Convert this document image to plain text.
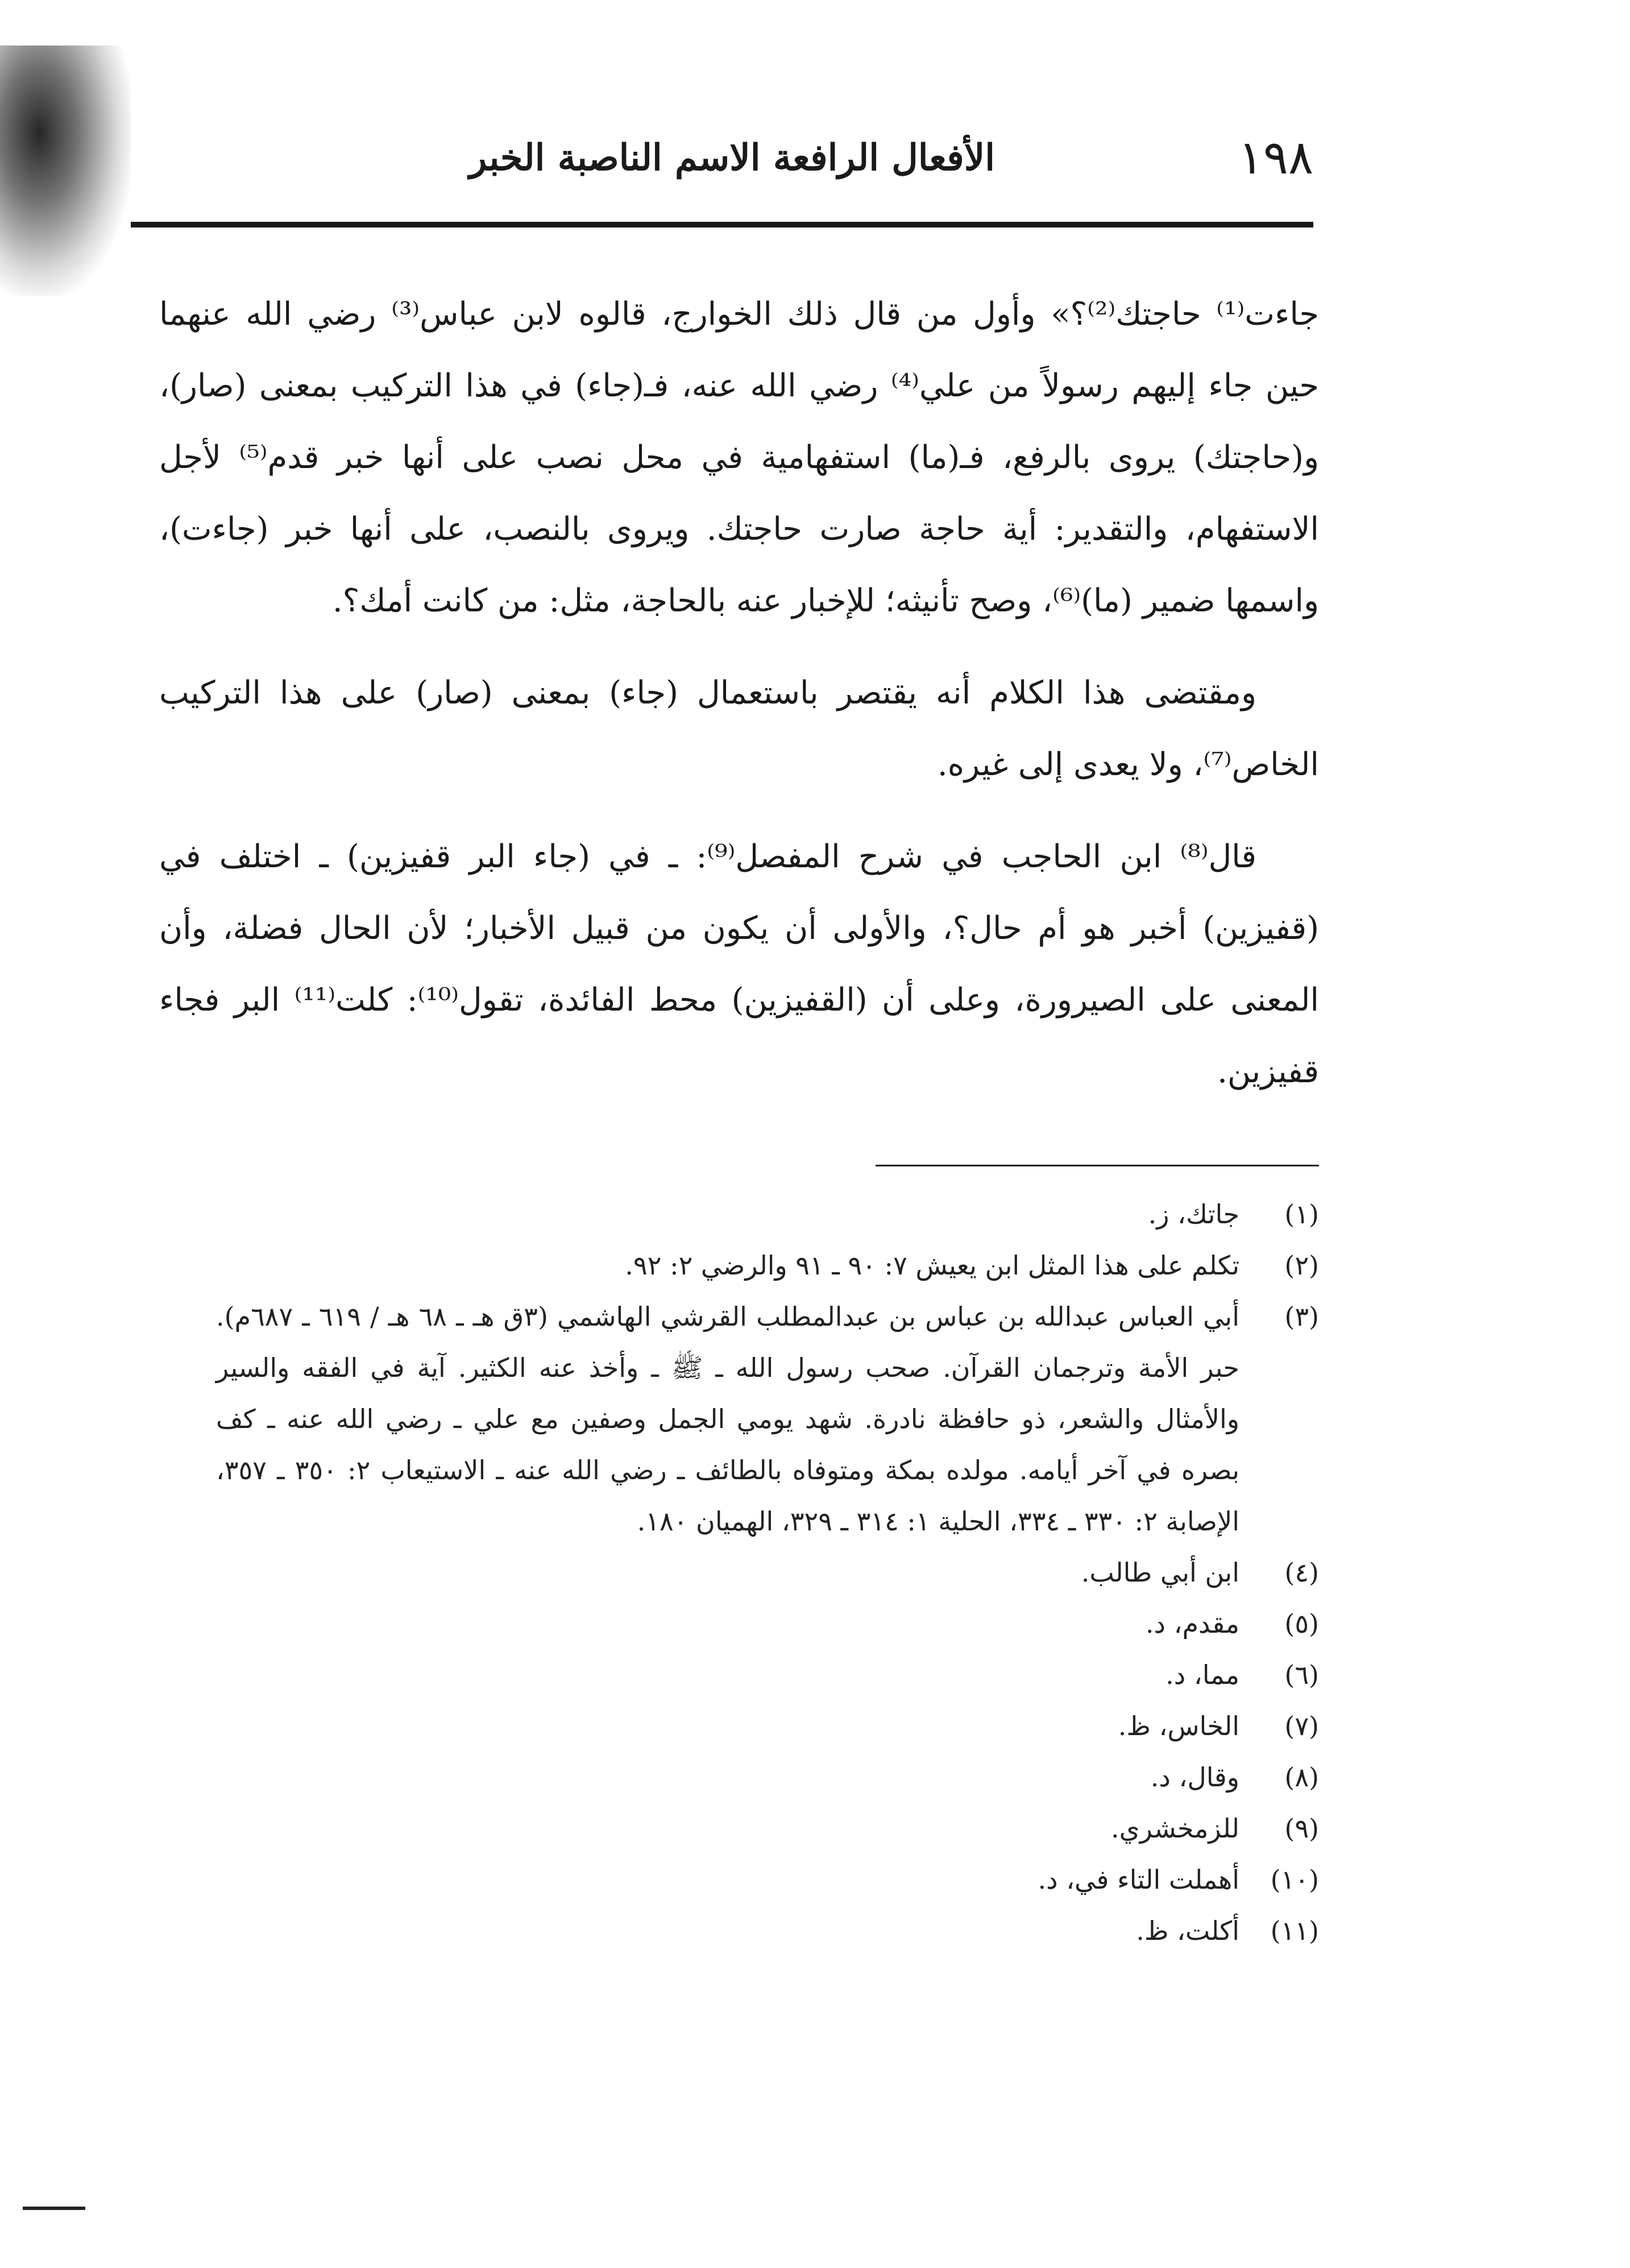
١٩٨
الأفعال الرافعة الاسم الناصبة الخبر

جاءت⁽¹⁾ حاجتك⁽²⁾؟» وأول من قال ذلك الخوارج، قالوه لابن عباس⁽³⁾ رضي الله عنهما حين جاء إليهم رسولاً من علي⁽⁴⁾ رضي الله عنه، فـ(جاء) في هذا التركيب بمعنى (صار)، و(حاجتك) يروى بالرفع، فـ(ما) استفهامية في محل نصب على أنها خبر قدم⁽⁵⁾ لأجل الاستفهام، والتقدير: أية حاجة صارت حاجتك. ويروى بالنصب، على أنها خبر (جاءت)، واسمها ضمير (ما)⁽⁶⁾، وصح تأنيثه؛ للإخبار عنه بالحاجة، مثل: من كانت أمك؟.

ومقتضى هذا الكلام أنه يقتصر باستعمال (جاء) بمعنى (صار) على هذا التركيب الخاص⁽⁷⁾، ولا يعدى إلى غيره.

قال⁽⁸⁾ ابن الحاجب في شرح المفصل⁽⁹⁾: ـ في (جاء البر قفيزين) ـ اختلف في (قفيزين) أخبر هو أم حال؟، والأولى أن يكون من قبيل الأخبار؛ لأن الحال فضلة، وأن المعنى على الصيرورة، وعلى أن (القفيزين) محط الفائدة، تقول⁽¹⁰⁾: كلت⁽¹¹⁾ البر فجاء قفيزين.

(١)
جاتك، ز.
(٢)
تكلم على هذا المثل ابن يعيش ٧: ٩٠ ـ ٩١ والرضي ٢: ٩٢.
(٣)
أبي العباس عبدالله بن عباس بن عبدالمطلب القرشي الهاشمي (٣ق هـ ـ ٦٨ هـ / ٦١٩ ـ ٦٨٧م). حبر الأمة وترجمان القرآن. صحب رسول الله ـ ﷺ ـ وأخذ عنه الكثير. آية في الفقه والسير والأمثال والشعر، ذو حافظة نادرة. شهد يومي الجمل وصفين مع علي ـ رضي الله عنه ـ كف بصره في آخر أيامه. مولده بمكة ومتوفاه بالطائف ـ رضي الله عنه ـ الاستيعاب ٢: ٣٥٠ ـ ٣٥٧، الإصابة ٢: ٣٣٠ ـ ٣٣٤، الحلية ١: ٣١٤ ـ ٣٢٩، الهميان ١٨٠.
(٤)
ابن أبي طالب.
(٥)
مقدم، د.
(٦)
مما، د.
(٧)
الخاس، ظ.
(٨)
وقال، د.
(٩)
للزمخشري.
(١٠)
أهملت التاء في، د.
(١١)
أكلت، ظ.
